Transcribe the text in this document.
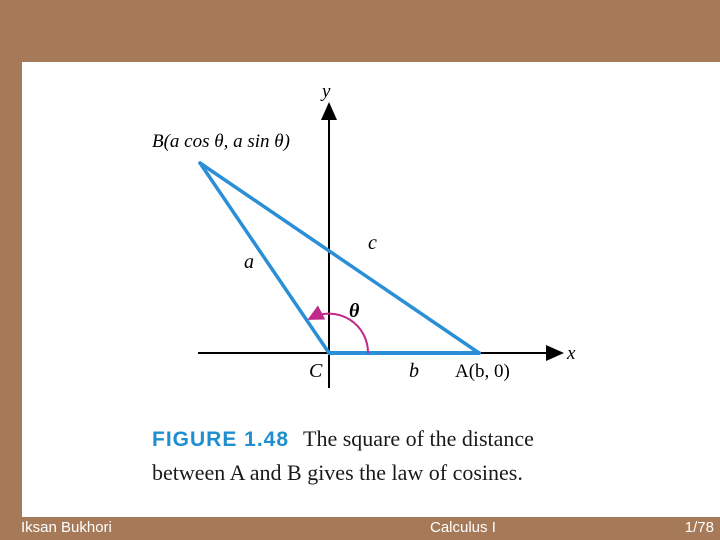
y
x
B(a cos θ, a sin θ)
C	A(b, 0)
a
b
c
θ
FIGURE 1.48 The square of the distance
between A and B gives the law of cosines.
Iksan Bukhori	Calculus I	1/78
